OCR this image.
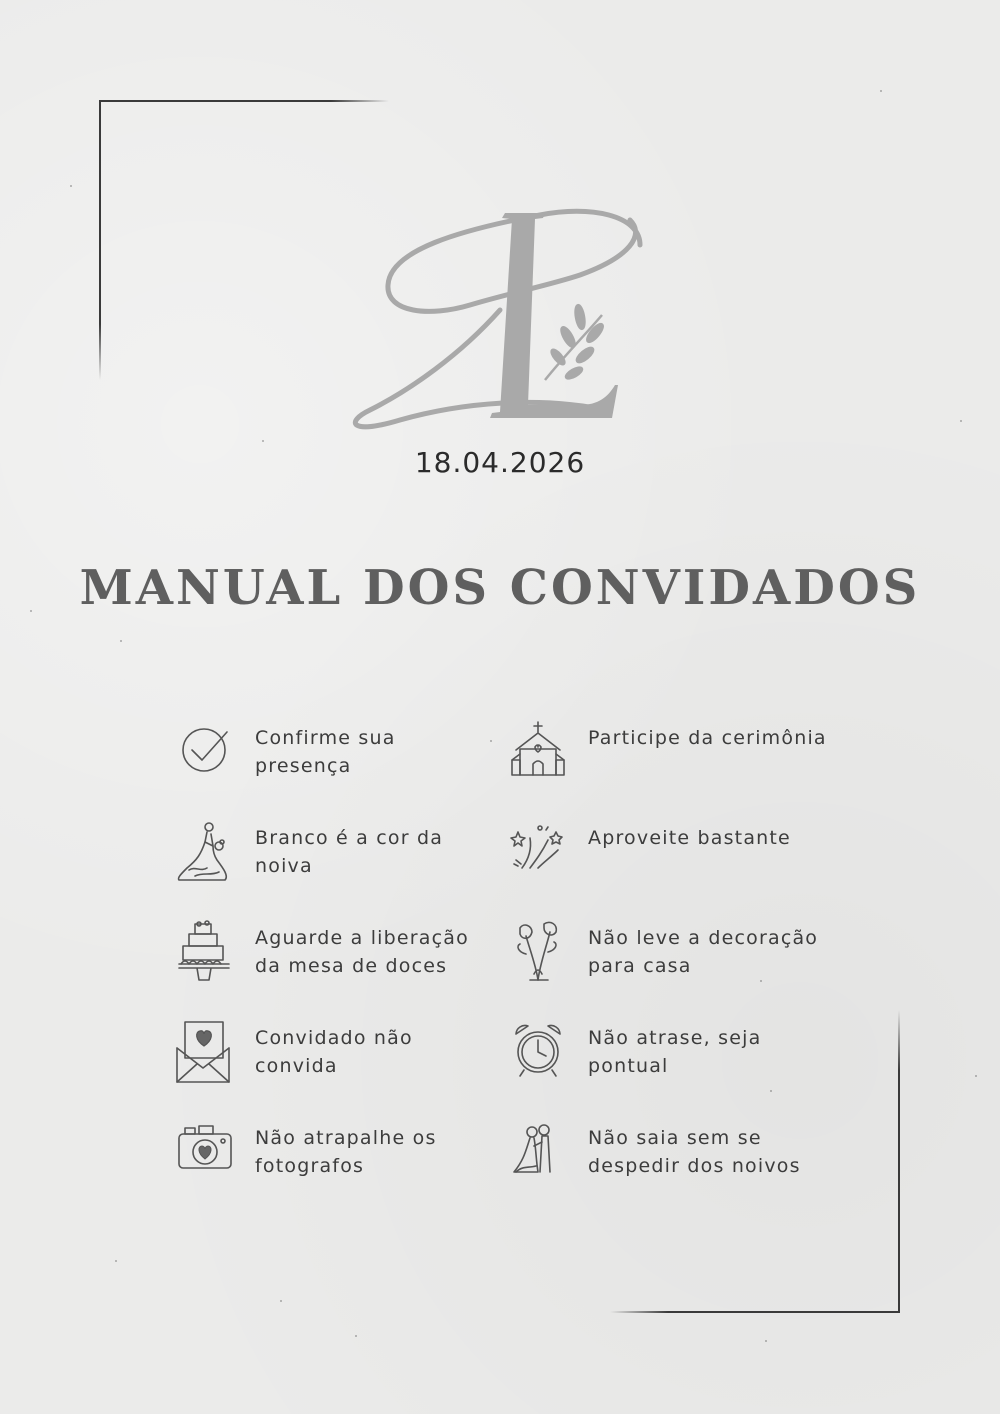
18.04.2026
MANUAL DOS CONVIDADOS
Confirme sua presença
Participe da cerimônia
Branco é a cor da noiva
Aproveite bastante
Aguarde a liberação da mesa de doces
Não leve a decoração para casa
Convidado não convida
Não atrase, seja pontual
Não atrapalhe os fotografos
Não saia sem se despedir dos noivos
